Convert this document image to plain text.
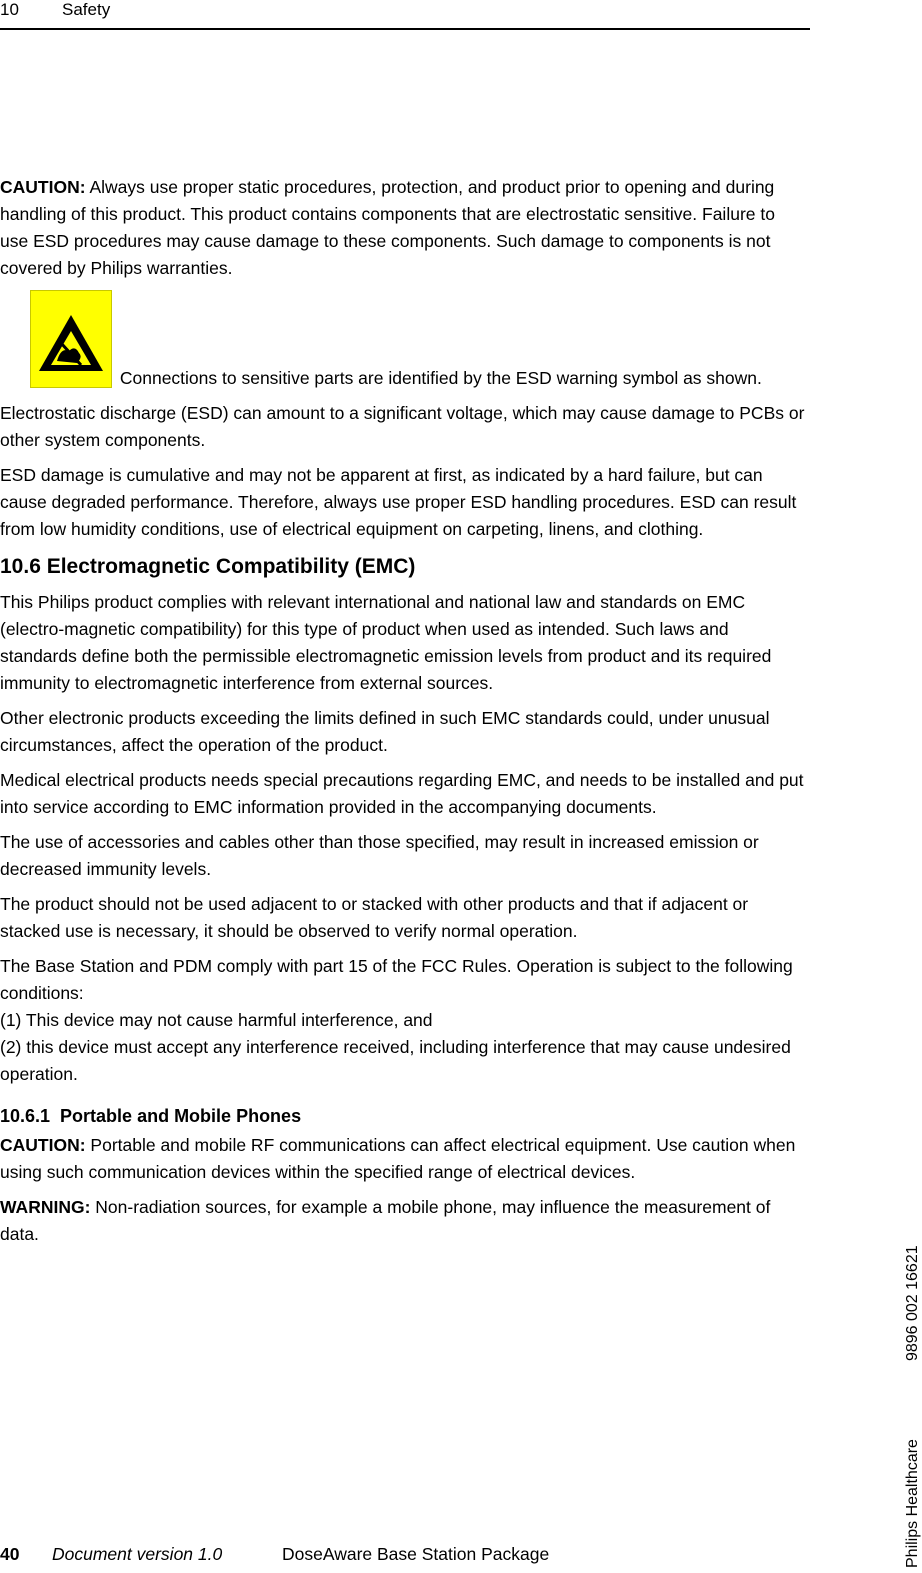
10	Safety

CAUTION: Always use proper static procedures, protection, and product prior to opening and during handling of this product. This product contains components that are electrostatic sensitive. Failure to use ESD procedures may cause damage to these components. Such damage to components is not covered by Philips warranties.

Connections to sensitive parts are identified by the ESD warning symbol as shown.

Electrostatic discharge (ESD) can amount to a significant voltage, which may cause damage to PCBs or other system components.

ESD damage is cumulative and may not be apparent at first, as indicated by a hard failure, but can cause degraded performance. Therefore, always use proper ESD handling procedures. ESD can result from low humidity conditions, use of electrical equipment on carpeting, linens, and clothing.

10.6 Electromagnetic Compatibility (EMC)

This Philips product complies with relevant international and national law and standards on EMC (electro-magnetic compatibility) for this type of product when used as intended. Such laws and standards define both the permissible electromagnetic emission levels from product and its required immunity to electromagnetic interference from external sources.

Other electronic products exceeding the limits defined in such EMC standards could, under unusual circumstances, affect the operation of the product.

Medical electrical products needs special precautions regarding EMC, and needs to be installed and put into service according to EMC information provided in the accompanying documents.

The use of accessories and cables other than those specified, may result in increased emission or decreased immunity levels.

The product should not be used adjacent to or stacked with other products and that if adjacent or stacked use is necessary, it should be observed to verify normal operation.

The Base Station and PDM comply with part 15 of the FCC Rules. Operation is subject to the following conditions:
(1) This device may not cause harmful interference, and
(2) this device must accept any interference received, including interference that may cause undesired operation.

10.6.1 Portable and Mobile Phones

CAUTION: Portable and mobile RF communications can affect electrical equipment. Use caution when using such communication devices within the specified range of electrical devices.

WARNING: Non-radiation sources, for example a mobile phone, may influence the measurement of data.

40 Document version 1.0	DoseAware Base Station Package	Philips Healthcare9896 002 16621
